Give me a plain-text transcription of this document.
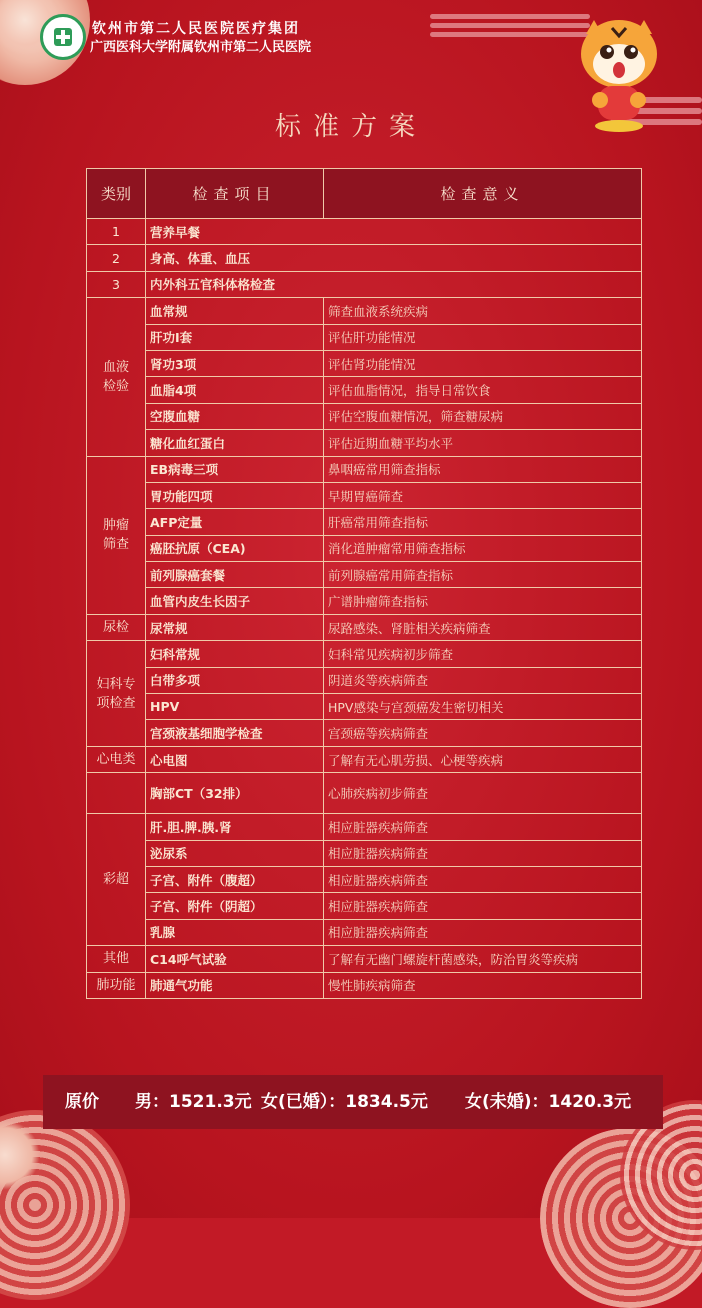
钦州市第二人民医院医疗集团
广西医科大学附属钦州市第二人民医院
标准方案
类别	检查项目	检查意义
1	营养早餐	
2	身高、体重、血压	
3	内外科五官科体格检查	
血液
检验	血常规	筛查血液系统疾病
	肝功Ⅰ套	评估肝功能情况
	肾功3项	评估肾功能情况
	血脂4项	评估血脂情况，指导日常饮食
	空腹血糖	评估空腹血糖情况，筛查糖尿病
	糖化血红蛋白	评估近期血糖平均水平
肿瘤
筛查	EB病毒三项	鼻咽癌常用筛查指标
	胃功能四项	早期胃癌筛查
	AFP定量	肝癌常用筛查指标
	癌胚抗原（CEA)	消化道肿瘤常用筛查指标
	前列腺癌套餐	前列腺癌常用筛查指标
	血管内皮生长因子	广谱肿瘤筛查指标
尿检	尿常规	尿路感染、肾脏相关疾病筛查
妇科专
项检查	妇科常规	妇科常见疾病初步筛查
	白带多项	阴道炎等疾病筛查
	HPV	HPV感染与宫颈癌发生密切相关
	宫颈液基细胞学检查	宫颈癌等疾病筛查
心电类	心电图	了解有无心肌劳损、心梗等疾病
	胸部CT（32排）	心肺疾病初步筛查
彩超	肝.胆.脾.胰.肾	相应脏器疾病筛查
	泌尿系	相应脏器疾病筛查
	子宫、附件（腹超）	相应脏器疾病筛查
	子宫、附件（阴超）	相应脏器疾病筛查
	乳腺	相应脏器疾病筛查
其他	C14呼气试验	了解有无幽门螺旋杆菌感染，防治胃炎等疾病
肺功能	肺通气功能	慢性肺疾病筛查
原价 男：1521.3元 女(已婚）：1834.5元 女(未婚)：1420.3元
